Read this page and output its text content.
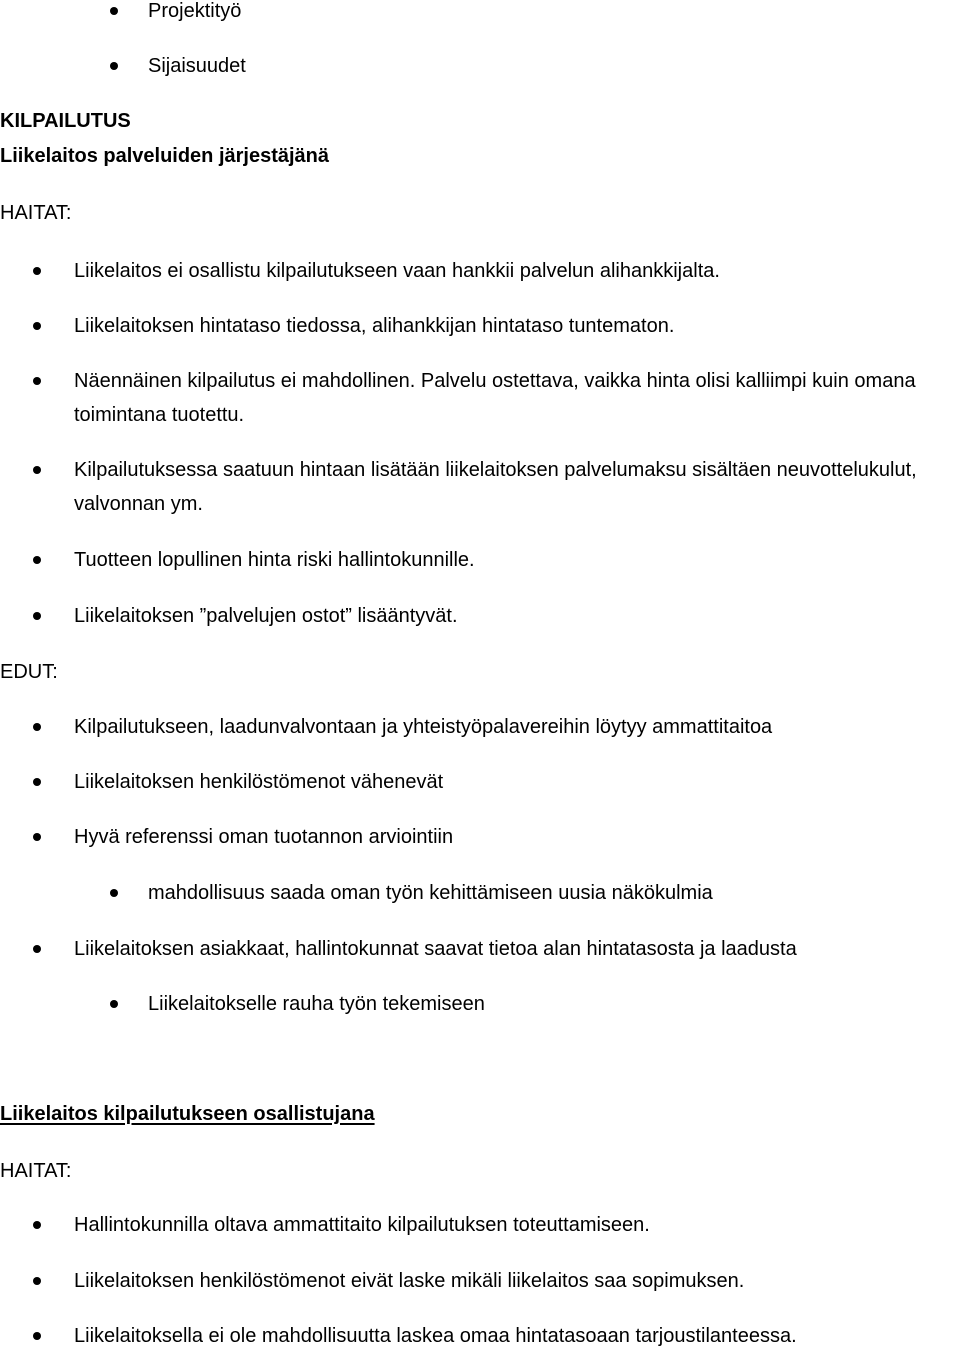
Projektityö
Sijaisuudet
KILPAILUTUS
Liikelaitos palveluiden järjestäjänä
HAITAT:
Liikelaitos ei osallistu kilpailutukseen vaan hankkii palvelun alihankkijalta.
Liikelaitoksen hintataso tiedossa, alihankkijan hintataso tuntematon.
Näennäinen kilpailutus ei mahdollinen. Palvelu ostettava, vaikka hinta olisi kalliimpi kuin omana toimintana tuotettu.
Kilpailutuksessa saatuun hintaan lisätään liikelaitoksen palvelumaksu sisältäen neuvottelukulut, valvonnan ym.
Tuotteen lopullinen hinta riski hallintokunnille.
Liikelaitoksen ”palvelujen ostot” lisääntyvät.
EDUT:
Kilpailutukseen, laadunvalvontaan ja yhteistyöpalavereihin löytyy ammattitaitoa
Liikelaitoksen henkilöstömenot vähenevät
Hyvä referenssi oman tuotannon arviointiin
mahdollisuus saada oman työn kehittämiseen uusia näkökulmia
Liikelaitoksen asiakkaat, hallintokunnat saavat tietoa alan hintatasosta ja laadusta
Liikelaitokselle rauha työn tekemiseen
Liikelaitos kilpailutukseen osallistujana
HAITAT:
Hallintokunnilla oltava ammattitaito kilpailutuksen toteuttamiseen.
Liikelaitoksen henkilöstömenot eivät laske mikäli liikelaitos saa sopimuksen.
Liikelaitoksella ei ole mahdollisuutta laskea omaa hintatasoaan tarjoustilanteessa.
